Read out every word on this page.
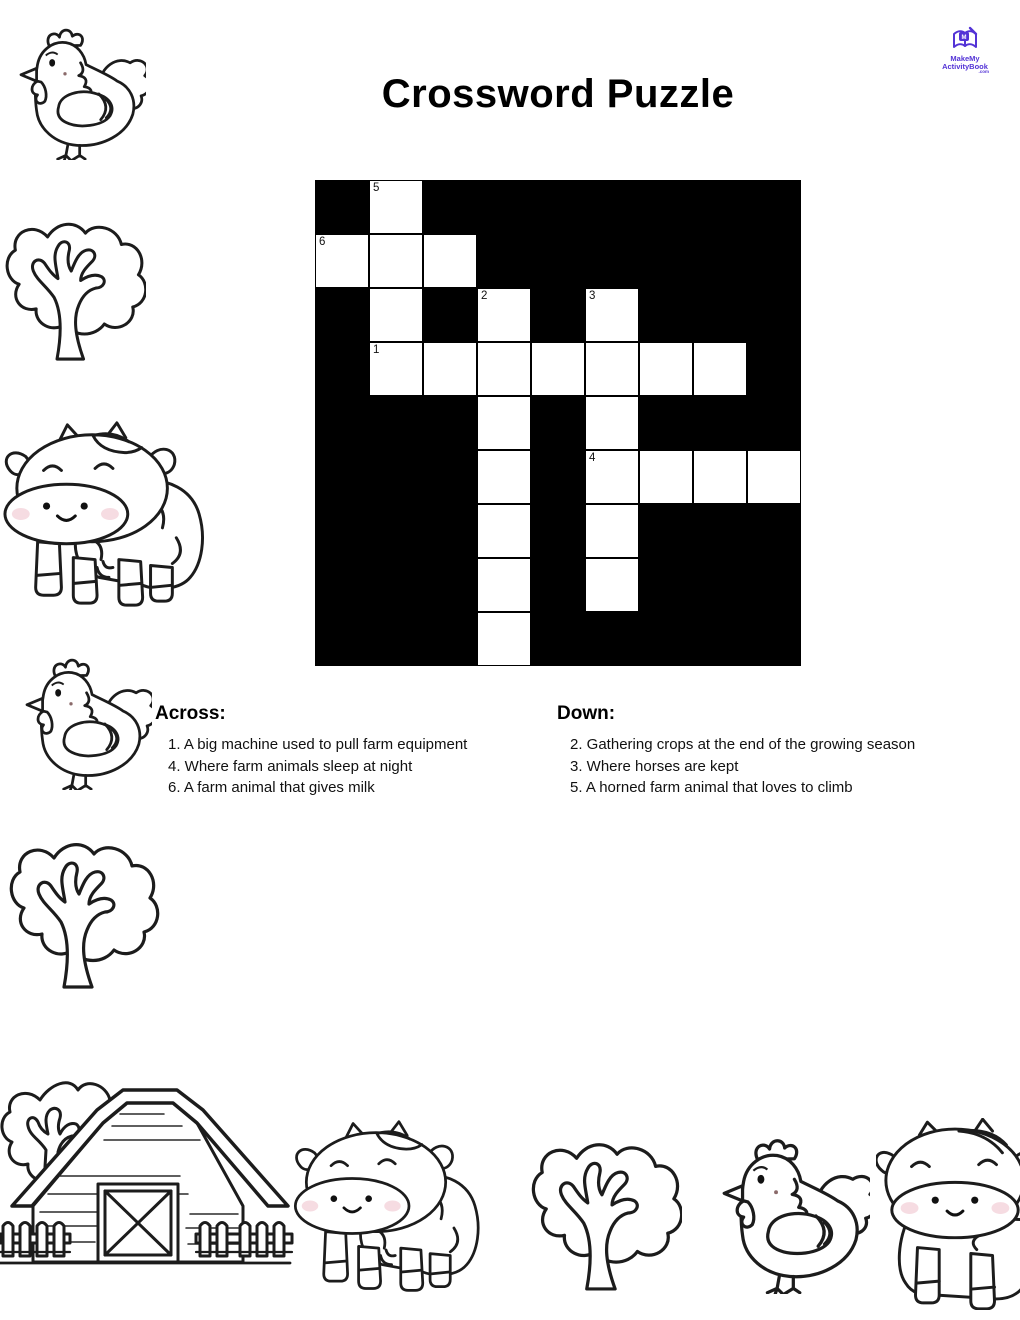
M
MakeMy
ActivityBook
.com
Crossword Puzzle
5
6
2	3
1
4
Across:
1. A big machine used to pull farm equipment
4. Where farm animals sleep at night
6. A farm animal that gives milk
Down:
2. Gathering crops at the end of the growing season
3. Where horses are kept
5. A horned farm animal that loves to climb
